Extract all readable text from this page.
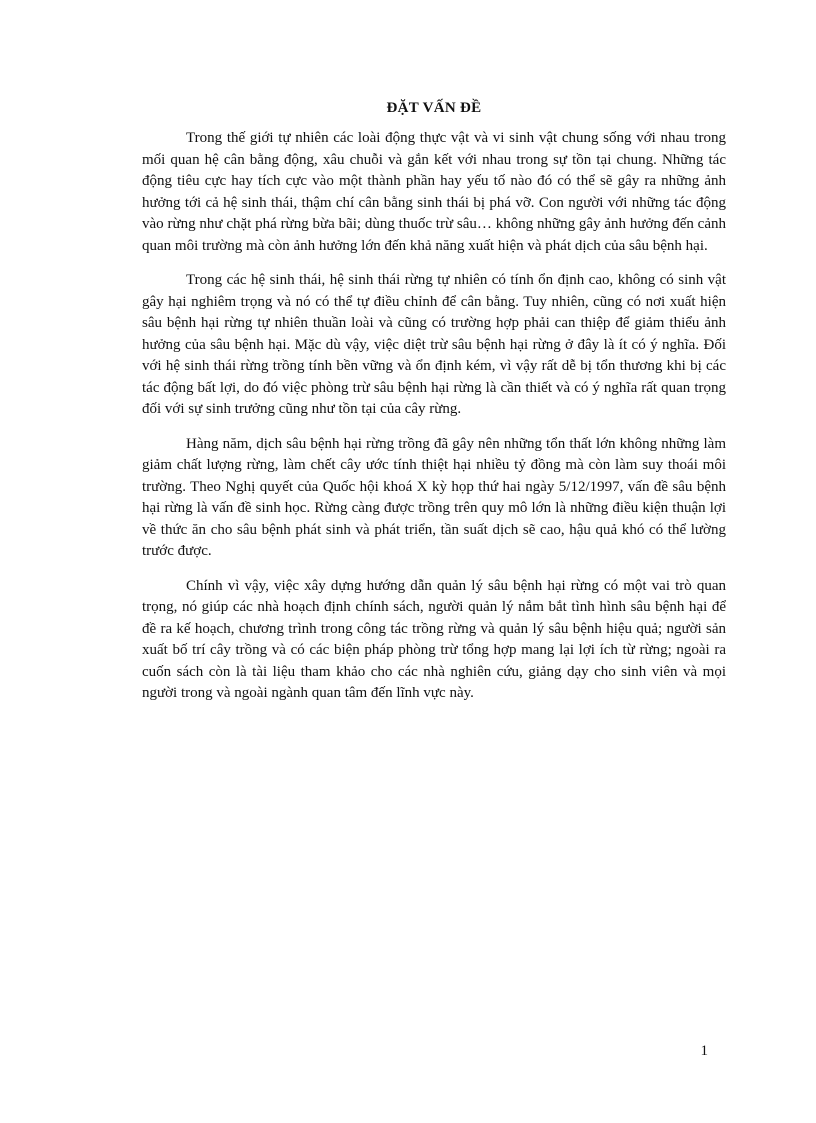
ĐẶT VẤN ĐỀ

Trong thế giới tự nhiên các loài động thực vật và vi sinh vật chung sống với nhau trong mối quan hệ cân bằng động, xâu chuỗi và gắn kết với nhau trong sự tồn tại chung. Những tác động tiêu cực hay tích cực vào một thành phần hay yếu tố nào đó có thể sẽ gây ra những ảnh hưởng tới cả hệ sinh thái, thậm chí cân bằng sinh thái bị phá vỡ. Con người với những tác động vào rừng như chặt phá rừng bừa bãi; dùng thuốc trừ sâu… không những gây ảnh hưởng đến cảnh quan môi trường mà còn ảnh hưởng lớn đến khả năng xuất hiện và phát dịch của sâu bệnh hại.

Trong các hệ sinh thái, hệ sinh thái rừng tự nhiên có tính ổn định cao, không có sinh vật gây hại nghiêm trọng và nó có thể tự điều chỉnh để cân bằng. Tuy nhiên, cũng có nơi xuất hiện sâu bệnh hại rừng tự nhiên thuần loài và cũng có trường hợp phải can thiệp để giảm thiểu ảnh hưởng của sâu bệnh hại. Mặc dù vậy, việc diệt trừ sâu bệnh hại rừng ở đây là ít có ý nghĩa. Đối với hệ sinh thái rừng trồng tính bền vững và ổn định kém, vì vậy rất dễ bị tổn thương khi bị các tác động bất lợi, do đó việc phòng trừ sâu bệnh hại rừng là cần thiết và có ý nghĩa rất quan trọng đối với sự sinh trưởng cũng như tồn tại của cây rừng.

Hàng năm, dịch sâu bệnh hại rừng trồng đã gây nên những tổn thất lớn không những làm giảm chất lượng rừng, làm chết cây ước tính thiệt hại nhiều tỷ đồng mà còn làm suy thoái môi trường. Theo Nghị quyết của Quốc hội khoá X kỳ họp thứ hai ngày 5/12/1997, vấn đề sâu bệnh hại rừng là vấn đề sinh học. Rừng càng được trồng trên quy mô lớn là những điều kiện thuận lợi về thức ăn cho sâu bệnh phát sinh và phát triển, tần suất dịch sẽ cao, hậu quả khó có thể lường trước được.

Chính vì vậy, việc xây dựng hướng dẫn quản lý sâu bệnh hại rừng có một vai trò quan trọng, nó giúp các nhà hoạch định chính sách, người quản lý nắm bắt tình hình sâu bệnh hại để đề ra kế hoạch, chương trình trong công tác trồng rừng và quản lý sâu bệnh hiệu quả; người sản xuất bố trí cây trồng và có các biện pháp phòng trừ tổng hợp mang lại lợi ích từ rừng; ngoài ra cuốn sách còn là tài liệu tham khảo cho các nhà nghiên cứu, giảng dạy cho sinh viên và mọi người trong và ngoài ngành quan tâm đến lĩnh vực này.

1
